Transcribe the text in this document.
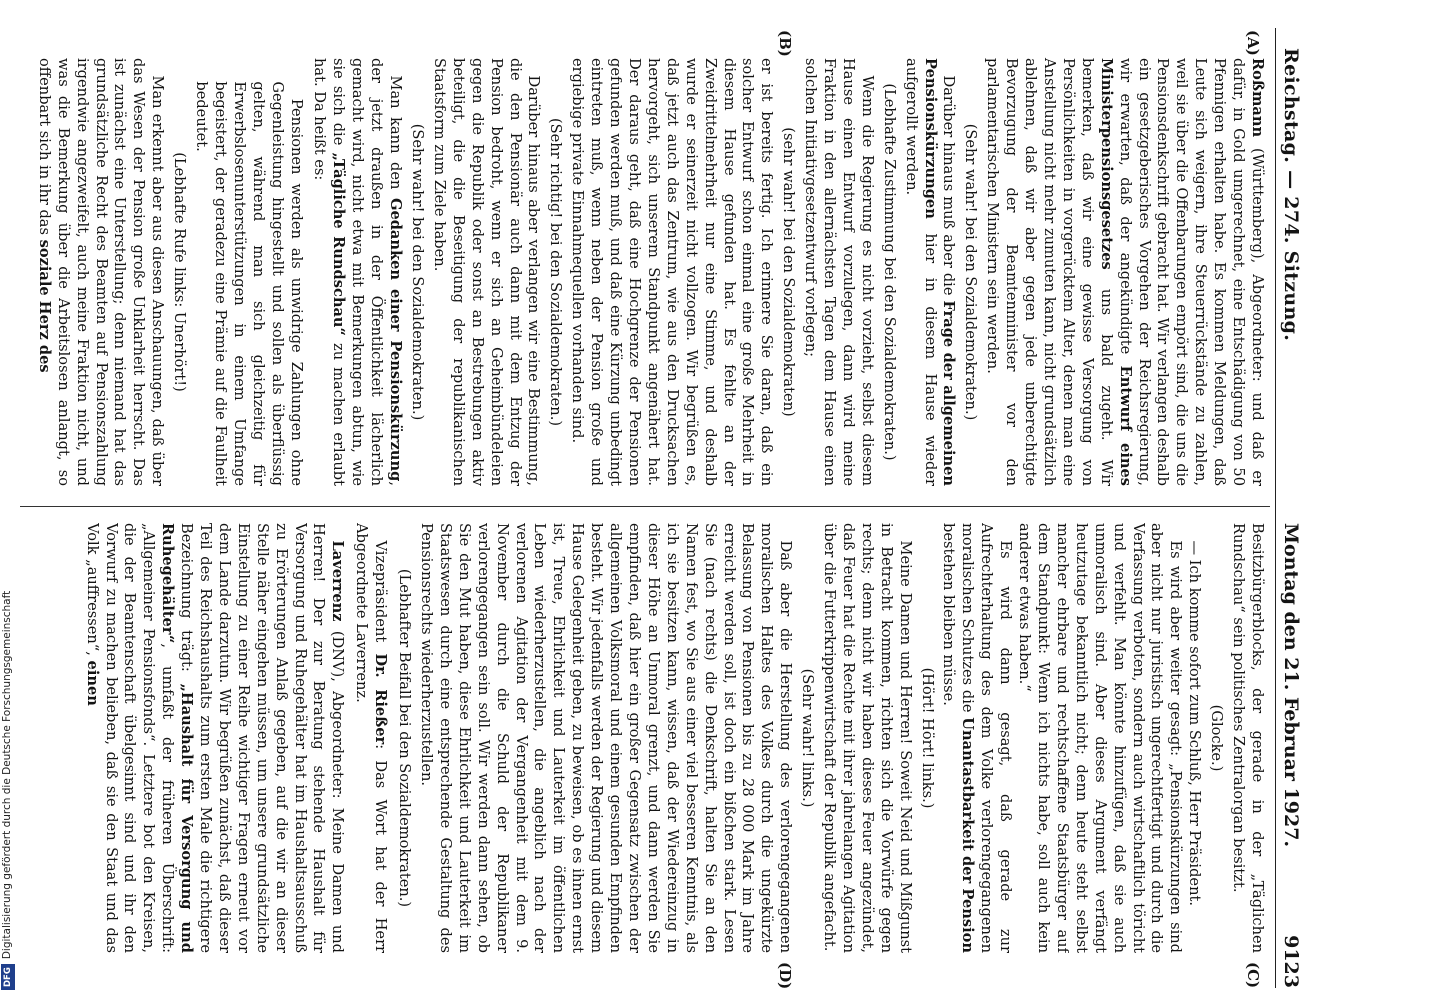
Reichstag. — 274. Sitzung.
9123
Montag den 21. Februar 1927.
(A)
(B)
(C)
(D)

Roßmann (Württemberg), Abgeordneter: und daß er dafür, in Gold umgerechnet, eine Entschädigung von 50 Pfennigen erhalten habe. Es kommen Meldungen, daß Leute sich weigern, ihre Steuerrückstände zu zahlen, weil sie über die Offenbarungen empört sind, die uns die Pensionsdenkschrift gebracht hat. Wir verlangen deshalb ein gesetzgeberisches Vorgehen der Reichsregierung, wir erwarten, daß der angekündigte Entwurf eines Ministerpensionsgesetzes uns bald zugeht. Wir bemerken, daß wir eine gewisse Versorgung von Persönlichkeiten in vorgerücktem Alter, denen man eine Anstellung nicht mehr zumuten kann, nicht grundsätzlich ablehnen, daß wir aber gegen jede unberechtigte Bevorzugung der Beamtenminister vor den parlamentarischen Ministern sein werden.

(Sehr wahr! bei den Sozialdemokraten.)

Darüber hinaus muß aber die Frage der allgemeinen Pensionskürzungen hier in diesem Hause wieder aufgerollt werden.

(Lebhafte Zustimmung bei den Sozialdemokraten.)

Wenn die Regierung es nicht vorzieht, selbst diesem Hause einen Entwurf vorzulegen, dann wird meine Fraktion in den allernächsten Tagen dem Hause einen solchen Initiativgesetzentwurf vorlegen;

(sehr wahr! bei den Sozialdemokraten)

er ist bereits fertig. Ich erinnere Sie daran, daß ein solcher Entwurf schon einmal eine große Mehrheit in diesem Hause gefunden hat. Es fehlte an der Zweidrittelmehrheit nur eine Stimme, und deshalb wurde er seinerzeit nicht vollzogen. Wir begrüßen es, daß jetzt auch das Zentrum, wie aus den Drucksachen hervorgeht, sich unserem Standpunkt angenähert hat. Der daraus geht, daß eine Hochgrenze der Pensionen gefunden werden muß, und daß eine Kürzung unbedingt eintreten muß, wenn neben der Pension große und ergiebige private Einnahmequellen vorhanden sind.

(Sehr richtig! bei den Sozialdemokraten.)

Darüber hinaus aber verlangen wir eine Bestimmung, die den Pensionär auch dann mit dem Entzug der Pension bedroht, wenn er sich an Geheimbündeleien gegen die Republik oder sonst an Bestrebungen aktiv beteiligt, die die Beseitigung der republikanischen Staatsform zum Ziele haben.

(Sehr wahr! bei den Sozialdemokraten.)

Man kann den Gedanken einer Pensionskürzung, der jetzt draußen in der Öffentlichkeit lächerlich gemacht wird, nicht etwa mit Bemerkungen abtun, wie sie sich die „Tägliche Rundschau“ zu machen erlaubt hat. Da heißt es:

Pensionen werden als unwidrige Zahlungen ohne Gegenleistung hingestellt und sollen als überflüssig gelten, während man sich gleichzeitig für Erwerbslosenunterstützungen in einem Umfange begeistert, der geradezu eine Prämie auf die Faulheit bedeutet.

(Lebhafte Rufe links: Unerhört!)

Man erkennt aber aus diesen Anschauungen, daß über das Wesen der Pension große Unklarheit herrscht. Das ist zunächst eine Unterstellung; denn niemand hat das grundsätzliche Recht des Beamten auf Pensionszahlung irgendwie angezweifelt, auch meine Fraktion nicht, und was die Bemerkung über die Arbeitslosen anlangt, so offenbart sich in ihr das soziale Herz des

Besitzbürgerblocks, der gerade in der „Täglichen Rundschau“ sein politisches Zentralorgan besitzt.

(Glocke.)

— Ich komme sofort zum Schluß, Herr Präsident.

Es wird aber weiter gesagt: „Pensionskürzungen sind aber nicht nur juristisch ungerechtfertigt und durch die Verfassung verboten, sondern auch wirtschaftlich töricht und verfehlt. Man könnte hinzufügen, daß sie auch unmoralisch sind. Aber dieses Argument verfängt heutzutage bekanntlich nicht; denn heute steht selbst mancher ehrbare und rechtschaffene Staatsbürger auf dem Standpunkt: Wenn ich nichts habe, soll auch kein anderer etwas haben.“

Es wird dann gesagt, daß gerade zur Aufrechterhaltung des dem Volke verlorengegangenen moralischen Schutzes die Unantastbarkeit der Pension bestehen bleiben müsse.

(Hört! Hört! links.)

Meine Damen und Herren! Soweit Neid und Mißgunst in Betracht kommen, richten sich die Vorwürfe gegen rechts; denn nicht wir haben dieses Feuer angezündet, daß Feuer hat die Rechte mit ihrer jahrelangen Agitation über die Futterkrippenwirtschaft der Republik angefacht.

(Sehr wahr! links.)

Daß aber die Herstellung des verlorengegangenen moralischen Haltes des Volkes durch die ungekürzte Belassung von Pensionen bis zu 28 000 Mark im Jahre erreicht werden soll, ist doch ein bißchen stark. Lesen Sie (nach rechts) die Denkschrift, halten Sie an den Namen fest, wo Sie aus einer viel besseren Kenntnis, als ich sie besitzen kann, wissen, daß der Wiedereinzug in dieser Höhe an Unmoral grenzt, und dann werden Sie empfinden, daß hier ein großer Gegensatz zwischen der allgemeinen Volksmoral und einem gesunden Empfinden besteht. Wir jedenfalls werden der Regierung und diesem Hause Gelegenheit geben, zu beweisen, ob es ihnen ernst ist, Treue, Ehrlichkeit und Lauterkeit im öffentlichen Leben wiederherzustellen, die angeblich nach der verlorenen Agitation der Vergangenheit mit dem 9. November durch die Schuld der Republikaner verlorengegangen sein soll. Wir werden dann sehen, ob Sie den Mut haben, diese Ehrlichkeit und Lauterkeit im Staatswesen durch eine entsprechende Gestaltung des Pensionsrechts wiederherzustellen.

(Lebhafter Beifall bei den Sozialdemokraten.)

Vizepräsident Dr. Rießer: Das Wort hat der Herr Abgeordnete Laverrenz.

Laverrenz (DNV), Abgeordneter: Meine Damen und Herren! Der zur Beratung stehende Haushalt für Versorgung und Ruhegehälter hat im Haushaltsausschuß zu Erörterungen Anlaß gegeben, auf die wir an dieser Stelle näher eingehen müssen, um unsere grundsätzliche Einstellung zu einer Reihe wichtiger Fragen erneut vor dem Lande darzutun. Wir begrüßen zunächst, daß dieser Teil des Reichshaushalts zum ersten Male die richtigere Bezeichnung trägt: „Haushalt für Versorgung und Ruhegehälter“, umfaßt der früheren Überschrift: „Allgemeiner Pensionsfonds“. Letztere bot den Kreisen, die der Beamtenschaft übelgesinnt sind und ihr den Vorwurf zu machen belieben, daß sie den Staat und das Volk „auffressen“, einen

DFGDigitalisierung gefördert durch die Deutsche Forschungsgemeinschaft
